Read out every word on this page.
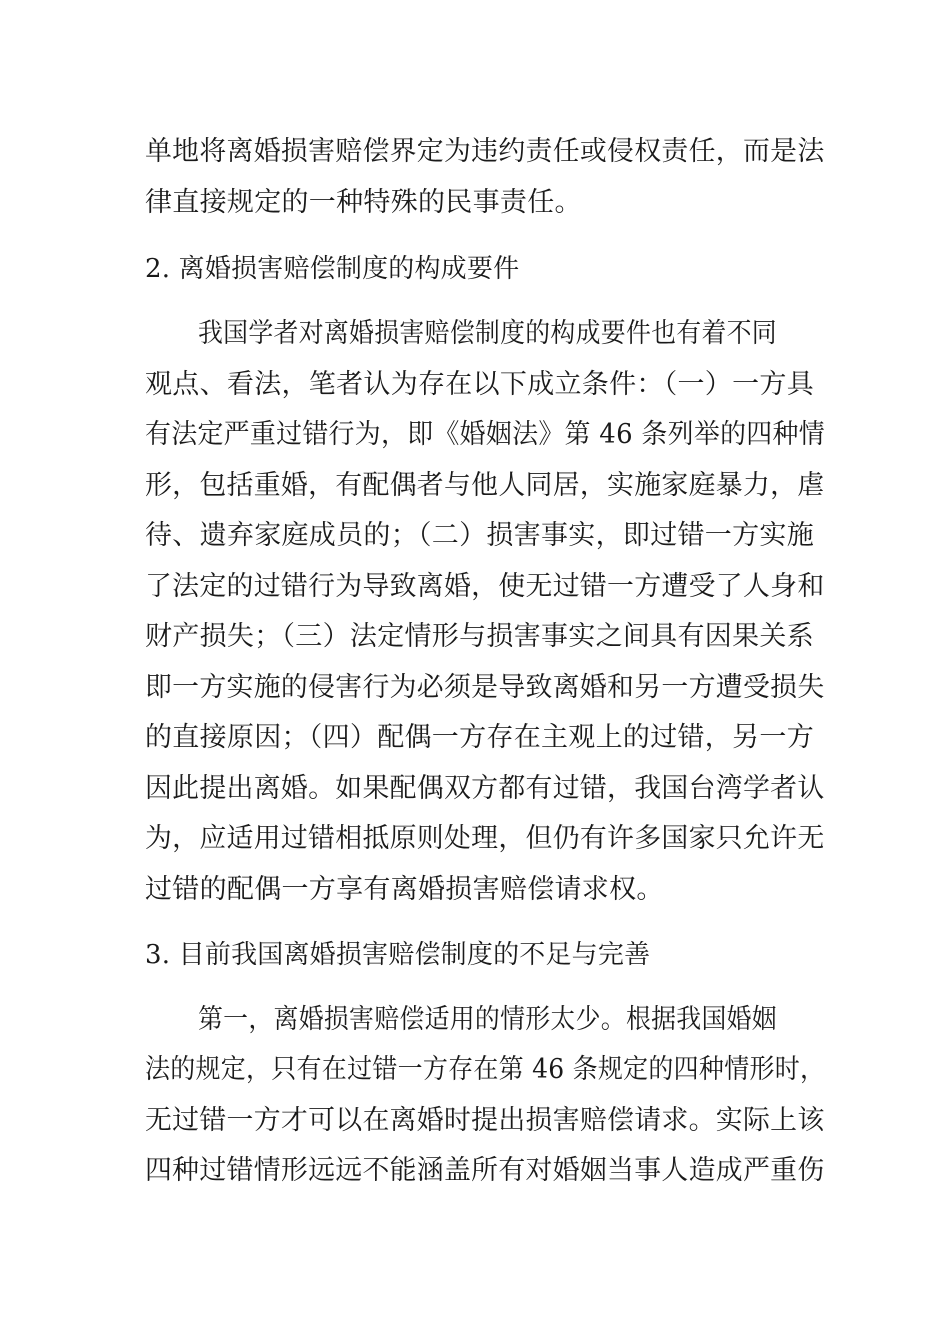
单地将离婚损害赔偿界定为违约责任或侵权责任，而是法
律直接规定的一种特殊的民事责任。
2. 离婚损害赔偿制度的构成要件
我国学者对离婚损害赔偿制度的构成要件也有着不同
观点、看法，笔者认为存在以下成立条件：（一）一方具
有法定严重过错行为，即《婚姻法》第 46 条列举的四种情
形，包括重婚，有配偶者与他人同居，实施家庭暴力，虐
待、遗弃家庭成员的；（二）损害事实，即过错一方实施
了法定的过错行为导致离婚，使无过错一方遭受了人身和
财产损失；（三）法定情形与损害事实之间具有因果关系
即一方实施的侵害行为必须是导致离婚和另一方遭受损失
的直接原因；（四）配偶一方存在主观上的过错，另一方
因此提出离婚。如果配偶双方都有过错，我国台湾学者认
为，应适用过错相抵原则处理，但仍有许多国家只允许无
过错的配偶一方享有离婚损害赔偿请求权。
3. 目前我国离婚损害赔偿制度的不足与完善
第一，离婚损害赔偿适用的情形太少。根据我国婚姻
法的规定，只有在过错一方存在第 46 条规定的四种情形时，
无过错一方才可以在离婚时提出损害赔偿请求。实际上该
四种过错情形远远不能涵盖所有对婚姻当事人造成严重伤
